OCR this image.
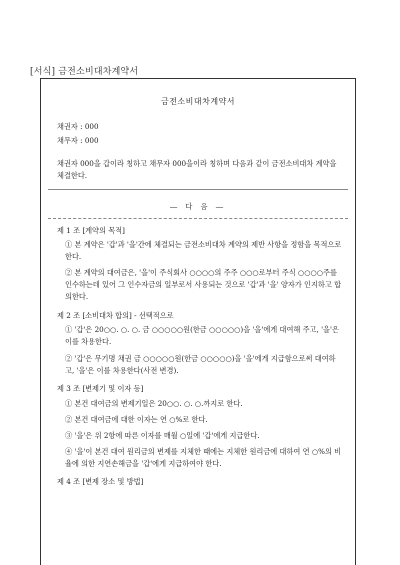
[서식] 금전소비대차계약서
금전소비대차계약서
채권자 : 000
채무자 : 000
채권자 000을 갑이라 칭하고 채무자 000을이라 칭하며 다음과 같이 금전소비대차 계약을 체결한다.
― 다 음 ―
제 1 조 [계약의 목적]
① 본 계약은 '갑'과 '을'간에 체결되는 금전소비대차 계약의 제반 사항을 정함을 목적으로 한다.
② 본 계약의 대여금은, '을'이 주식회사 ○○○○의 주주 ○○○로부터 주식 ○○○○주를 인수하는데 있어 그 인수자금의 일부로서 사용되는 것으로 '갑'과 '을' 양자가 인지하고 합의한다.
제 2 조 [소비대차 합의] - 선택적으로
① '갑'은 20○○. ○. ○. 금 ○○○○○원(한금 ○○○○○)을 '을'에게 대여해 주고, '을'은 이를 차용한다.
② '갑'은 무기명 채권 금 ○○○○○원(한금 ○○○○○)을 '을'에게 지급함으로써 대여하고, '을'은 이를 차용한다(사전 변경).
제 3 조 [변제기 및 이자 등]
① 본건 대여금의 변제기일은 20○○. ○. ○.까지로 한다.
② 본건 대여금에 대한 이자는 연 ○%로 한다.
③ '을'은 위 2항에 따른 이자를 매월 ○일에 '갑'에게 지급한다.
④ '을'이 본건 대여 원리금의 변제를 지체한 때에는 지체한 원리금에 대하여 연 ○%의 비율에 의한 지연손해금을 '갑'에게 지급하여야 한다.
제 4 조 [변제 장소 및 방법]
